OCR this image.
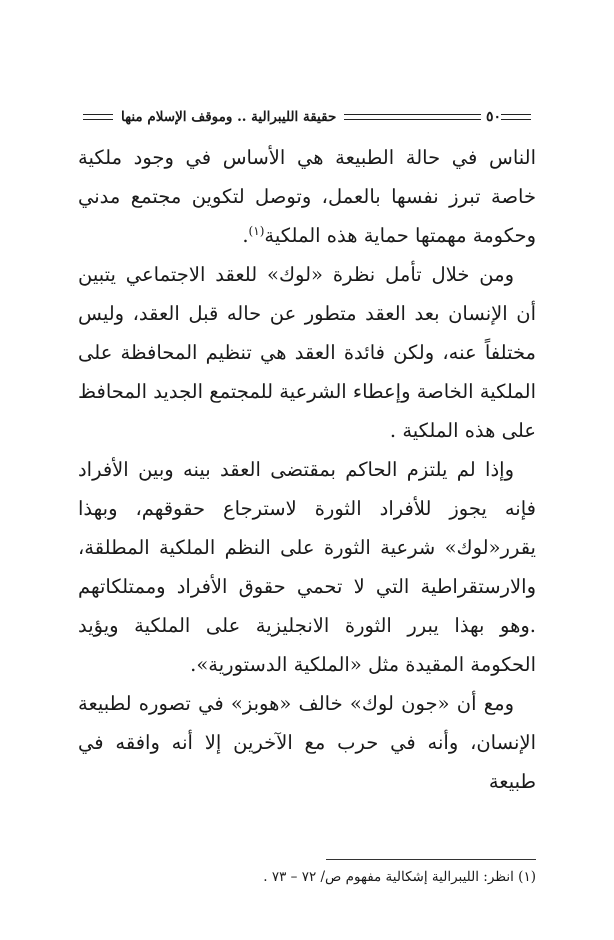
٥٠
حقيقة الليبرالية .. وموقف الإسلام منها

الناس في حالة الطبيعة هي الأساس في وجود ملكية خاصة تبرز نفسها بالعمل، وتوصل لتكوين مجتمع مدني وحكومة مهمتها حماية هذه الملكية$^{(١)}$.

ومن خلال تأمل نظرة «لوك» للعقد الاجتماعي يتبين أن الإنسان بعد العقد متطور عن حاله قبل العقد، وليس مختلفاً عنه، ولكن فائدة العقد هي تنظيم المحافظة على الملكية الخاصة وإعطاء الشرعية للمجتمع الجديد المحافظ على هذه الملكية .

وإذا لم يلتزم الحاكم بمقتضى العقد بينه وبين الأفراد فإنه يجوز للأفراد الثورة لاسترجاع حقوقهم، وبهذا يقرر«لوك» شرعية الثورة على النظم الملكية المطلقة، والارستقراطية التي لا تحمي حقوق الأفراد وممتلكاتهم .وهو بهذا يبرر الثورة الانجليزية على الملكية ويؤيد الحكومة المقيدة مثل «الملكية الدستورية».

ومع أن «جون لوك» خالف «هوبز» في تصوره لطبيعة الإنسان، وأنه في حرب مع الآخرين إلا أنه وافقه في طبيعة

(١) انظر: الليبرالية إشكالية مفهوم ص/ ٧٢ – ٧٣ .
